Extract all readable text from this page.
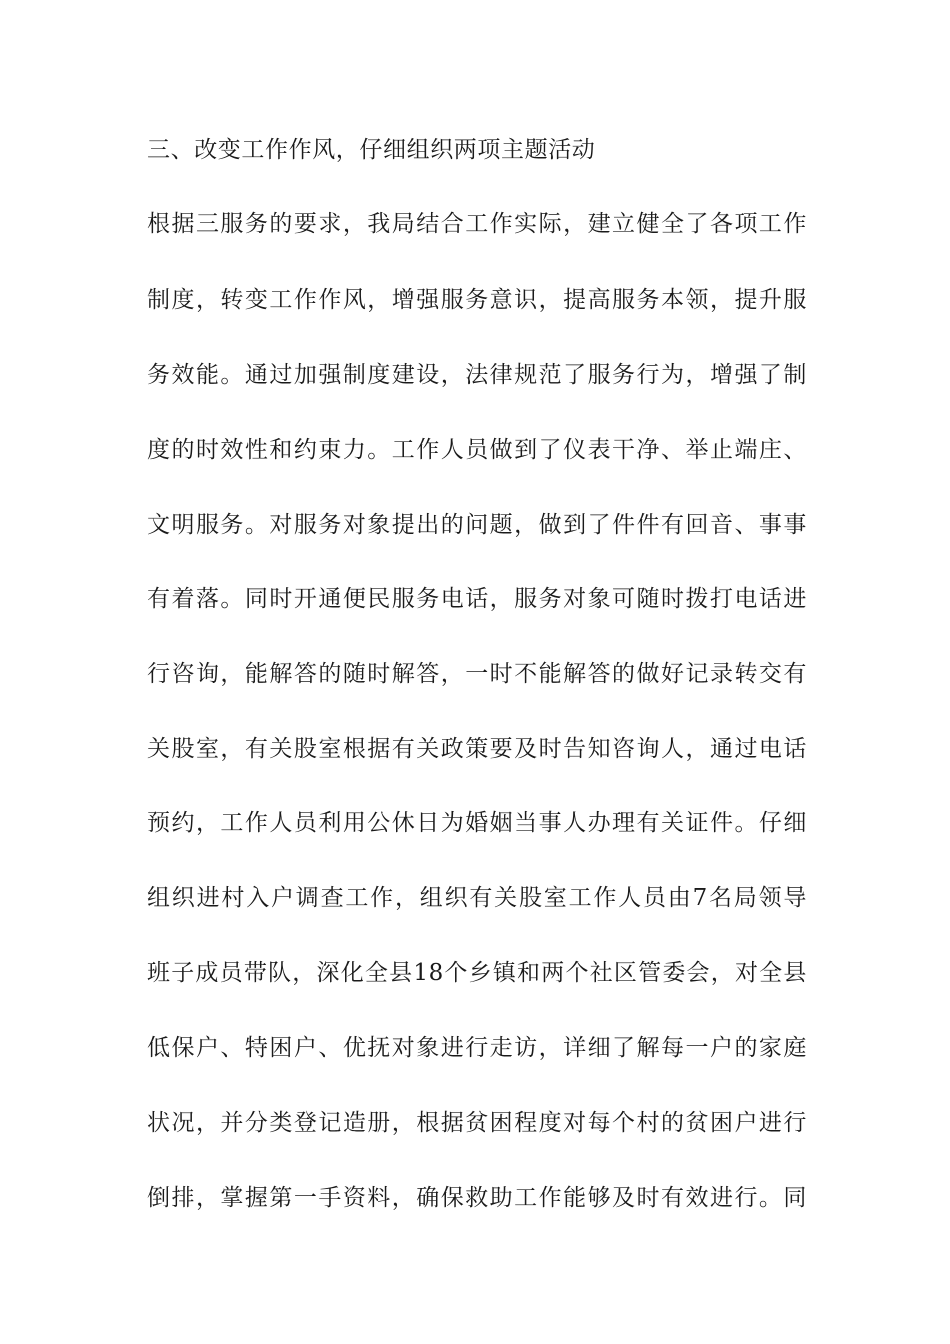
三、改变工作作风，仔细组织两项主题活动
根据三服务的要求，我局结合工作实际，建立健全了各项工作
制度，转变工作作风，增强服务意识，提高服务本领，提升服
务效能。通过加强制度建设，法律规范了服务行为，增强了制
度的时效性和约束力。工作人员做到了仪表干净、举止端庄、
文明服务。对服务对象提出的问题，做到了件件有回音、事事
有着落。同时开通便民服务电话，服务对象可随时拨打电话进
行咨询，能解答的随时解答，一时不能解答的做好记录转交有
关股室，有关股室根据有关政策要及时告知咨询人，通过电话
预约，工作人员利用公休日为婚姻当事人办理有关证件。仔细
组织进村入户调查工作，组织有关股室工作人员由7名局领导
班子成员带队，深化全县18个乡镇和两个社区管委会，对全县
低保户、特困户、优抚对象进行走访，详细了解每一户的家庭
状况，并分类登记造册，根据贫困程度对每个村的贫困户进行
倒排，掌握第一手资料，确保救助工作能够及时有效进行。同
